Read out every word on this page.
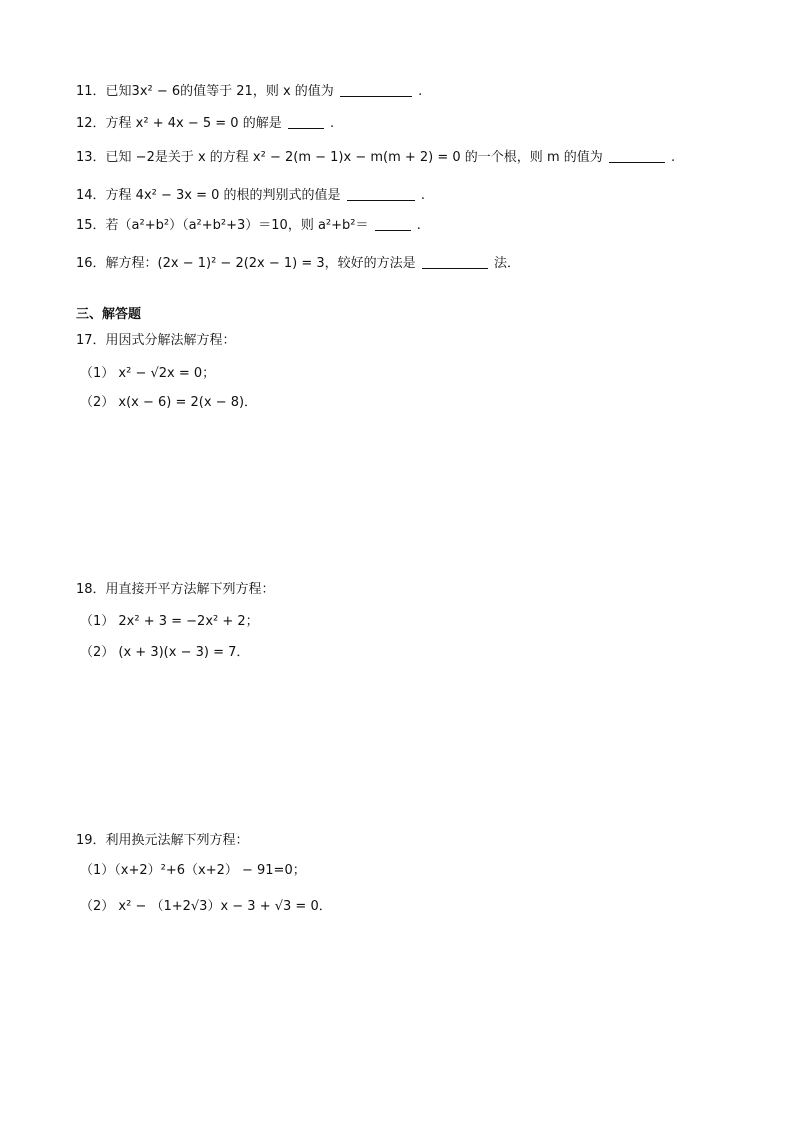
11．已知3x² − 6的值等于 21，则 x 的值为	.
12．方程 x² + 4x − 5 = 0 的解是	.
13．已知 −2是关于 x 的方程 x² − 2(m − 1)x − m(m + 2) = 0 的一个根，则 m 的值为	.
14．方程 4x² − 3x = 0 的根的判别式的值是	.
15．若（a²+b²）（a²+b²+3）＝10，则 a²+b²＝	.
16．解方程：(2x − 1)² − 2(2x − 1) = 3，较好的方法是	法．
三、解答题
17．用因式分解法解方程：
（1） x² − √2x = 0；
（2） x(x − 6) = 2(x − 8)．
18．用直接开平方法解下列方程：
（1） 2x² + 3 = −2x² + 2；
（2） (x + 3)(x − 3) = 7．
19．利用换元法解下列方程：
（1）（x+2）²+6（x+2） − 91=0；
（2） x² − （1+2√3）x − 3 + √3 = 0．
